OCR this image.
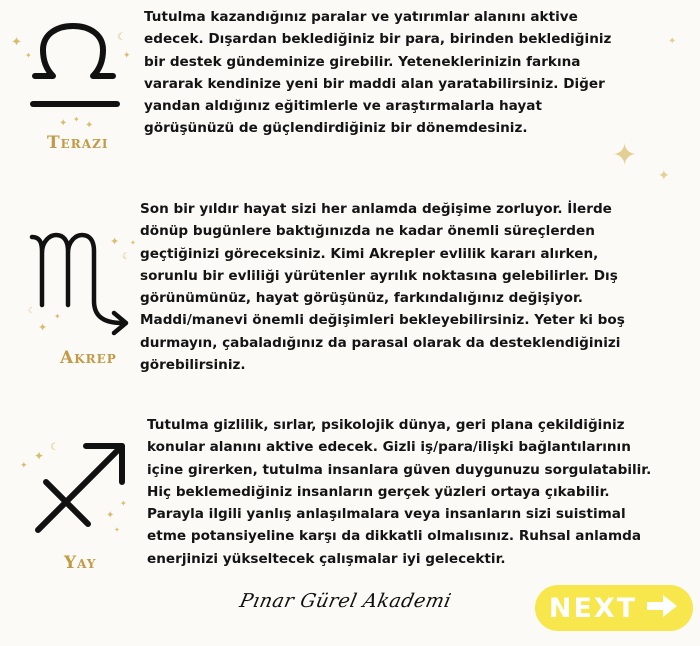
✦
✦
✦
✦
✦
☾
✦
✦ ✦
✦
Terazi

Tutulma kazandığınız paralar ve yatırımlar alanını aktive edecek. Dışardan beklediğiniz bir para, birinden beklediğiniz bir destek gündeminize girebilir. Yeteneklerinizin farkına vararak kendinize yeni bir maddi alan yaratabilirsiniz. Diğer yandan aldığınız eğitimlerle ve araştırmalarla hayat görüşünüzü de güçlendirdiğiniz bir dönemdesiniz.

✦
☾
✦
✦
✦
☾
Akrep

Son bir yıldır hayat sizi her anlamda değişime zorluyor. İlerde dönüp bugünlere baktığınızda ne kadar önemli süreçlerden geçtiğinizi göreceksiniz. Kimi Akrepler evlilik kararı alırken, sorunlu bir evliliği yürütenler ayrılık noktasına gelebilirler. Dış görünümünüz, hayat görüşünüz, farkındalığınız değişiyor. Maddi/manevi önemli değişimleri bekleyebilirsiniz. Yeter ki boş durmayın, çabaladığınız da parasal olarak da desteklendiğinizi görebilirsiniz.

☾
✦
✦
✦
✦
✦
Yay

Tutulma gizlilik, sırlar, psikolojik dünya, geri plana çekildiğiniz konular alanını aktive edecek. Gizli iş/para/ilişki bağlantılarının içine girerken, tutulma insanlara güven duygunuzu sorgulatabilir. Hiç beklemediğiniz insanların gerçek yüzleri ortaya çıkabilir. Parayla ilgili yanlış anlaşılmalara veya insanların sizi suistimal etme potansiyeline karşı da dikkatli olmalısınız. Ruhsal anlamda enerjinizi yükseltecek çalışmalar iyi gelecektir.

Pınar Gürel Akademi	NEXT
